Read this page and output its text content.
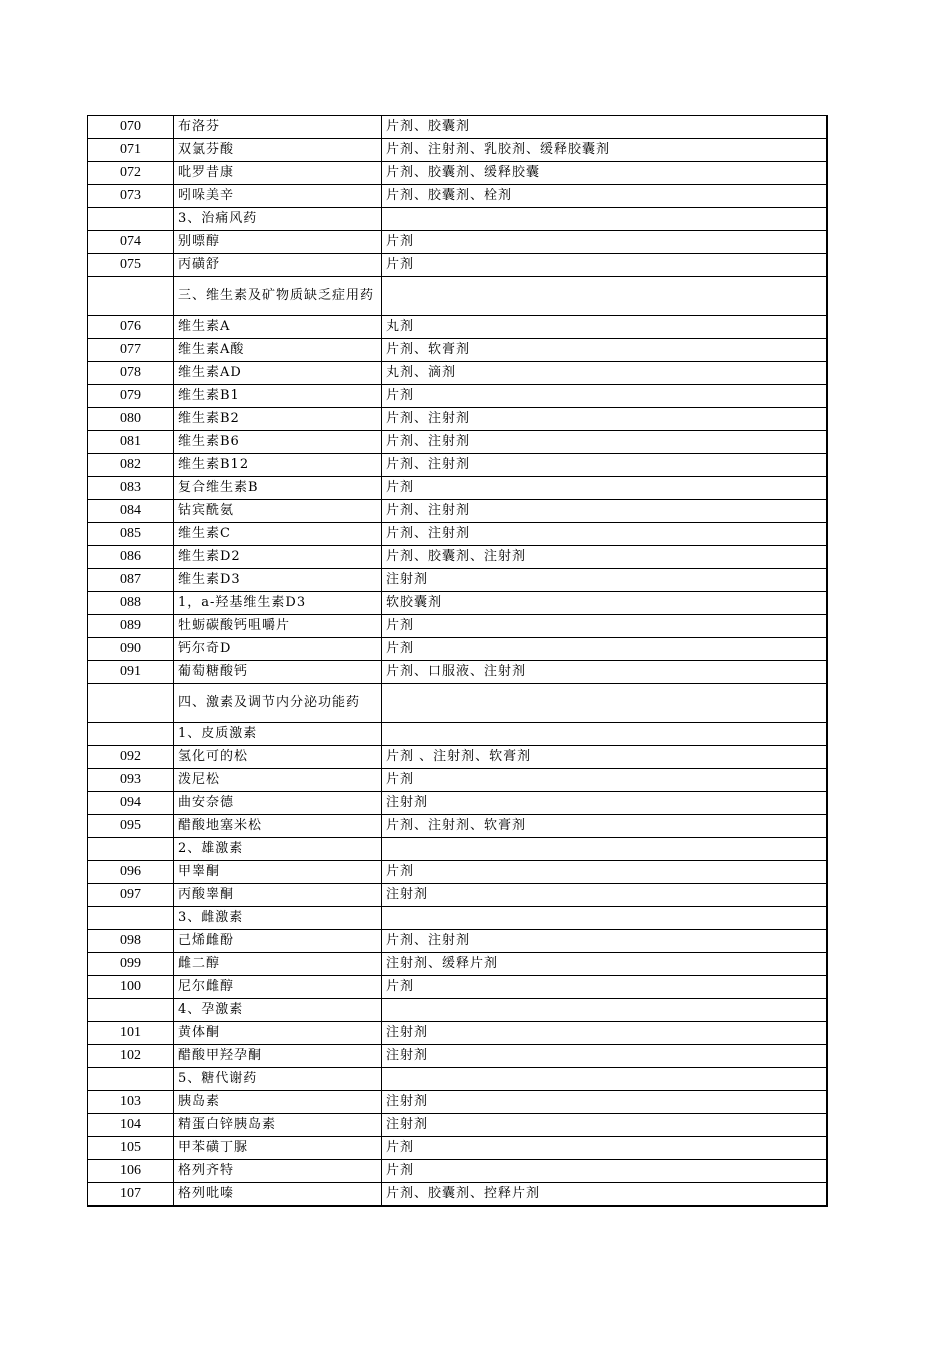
070	布洛芬	片剂、胶囊剂
071	双氯芬酸	片剂、注射剂、乳胶剂、缓释胶囊剂
072	吡罗昔康	片剂、胶囊剂、缓释胶囊
073	吲哚美辛	片剂、胶囊剂、栓剂
	3、治痛风药	
074	别嘌醇	片剂
075	丙磺舒	片剂
	三、维生素及矿物质缺乏症用药	
076	维生素A	丸剂
077	维生素A酸	片剂、软膏剂
078	维生素AD	丸剂、滴剂
079	维生素B1	片剂
080	维生素B2	片剂、注射剂
081	维生素B6	片剂、注射剂
082	维生素B12	片剂、注射剂
083	复合维生素B	片剂
084	钴宾酰氨	片剂、注射剂
085	维生素C	片剂、注射剂
086	维生素D2	片剂、胶囊剂、注射剂
087	维生素D3	注射剂
088	1，a-羟基维生素D3	软胶囊剂
089	牡蛎碳酸钙咀嚼片	片剂
090	钙尔奇D	片剂
091	葡萄糖酸钙	片剂、口服液、注射剂
	四、激素及调节内分泌功能药	
	1、皮质激素	
092	氢化可的松	片剂 、注射剂、软膏剂
093	泼尼松	片剂
094	曲安奈德	注射剂
095	醋酸地塞米松	片剂、注射剂、软膏剂
	2、雄激素	
096	甲睾酮	片剂
097	丙酸睾酮	注射剂
	3、雌激素	
098	己烯雌酚	片剂、注射剂
099	雌二醇	注射剂、缓释片剂
100	尼尔雌醇	片剂
	4、孕激素	
101	黄体酮	注射剂
102	醋酸甲羟孕酮	注射剂
	5、糖代谢药	
103	胰岛素	注射剂
104	精蛋白锌胰岛素	注射剂
105	甲苯磺丁脲	片剂
106	格列齐特	片剂
107	格列吡嗪	片剂、胶囊剂、控释片剂
